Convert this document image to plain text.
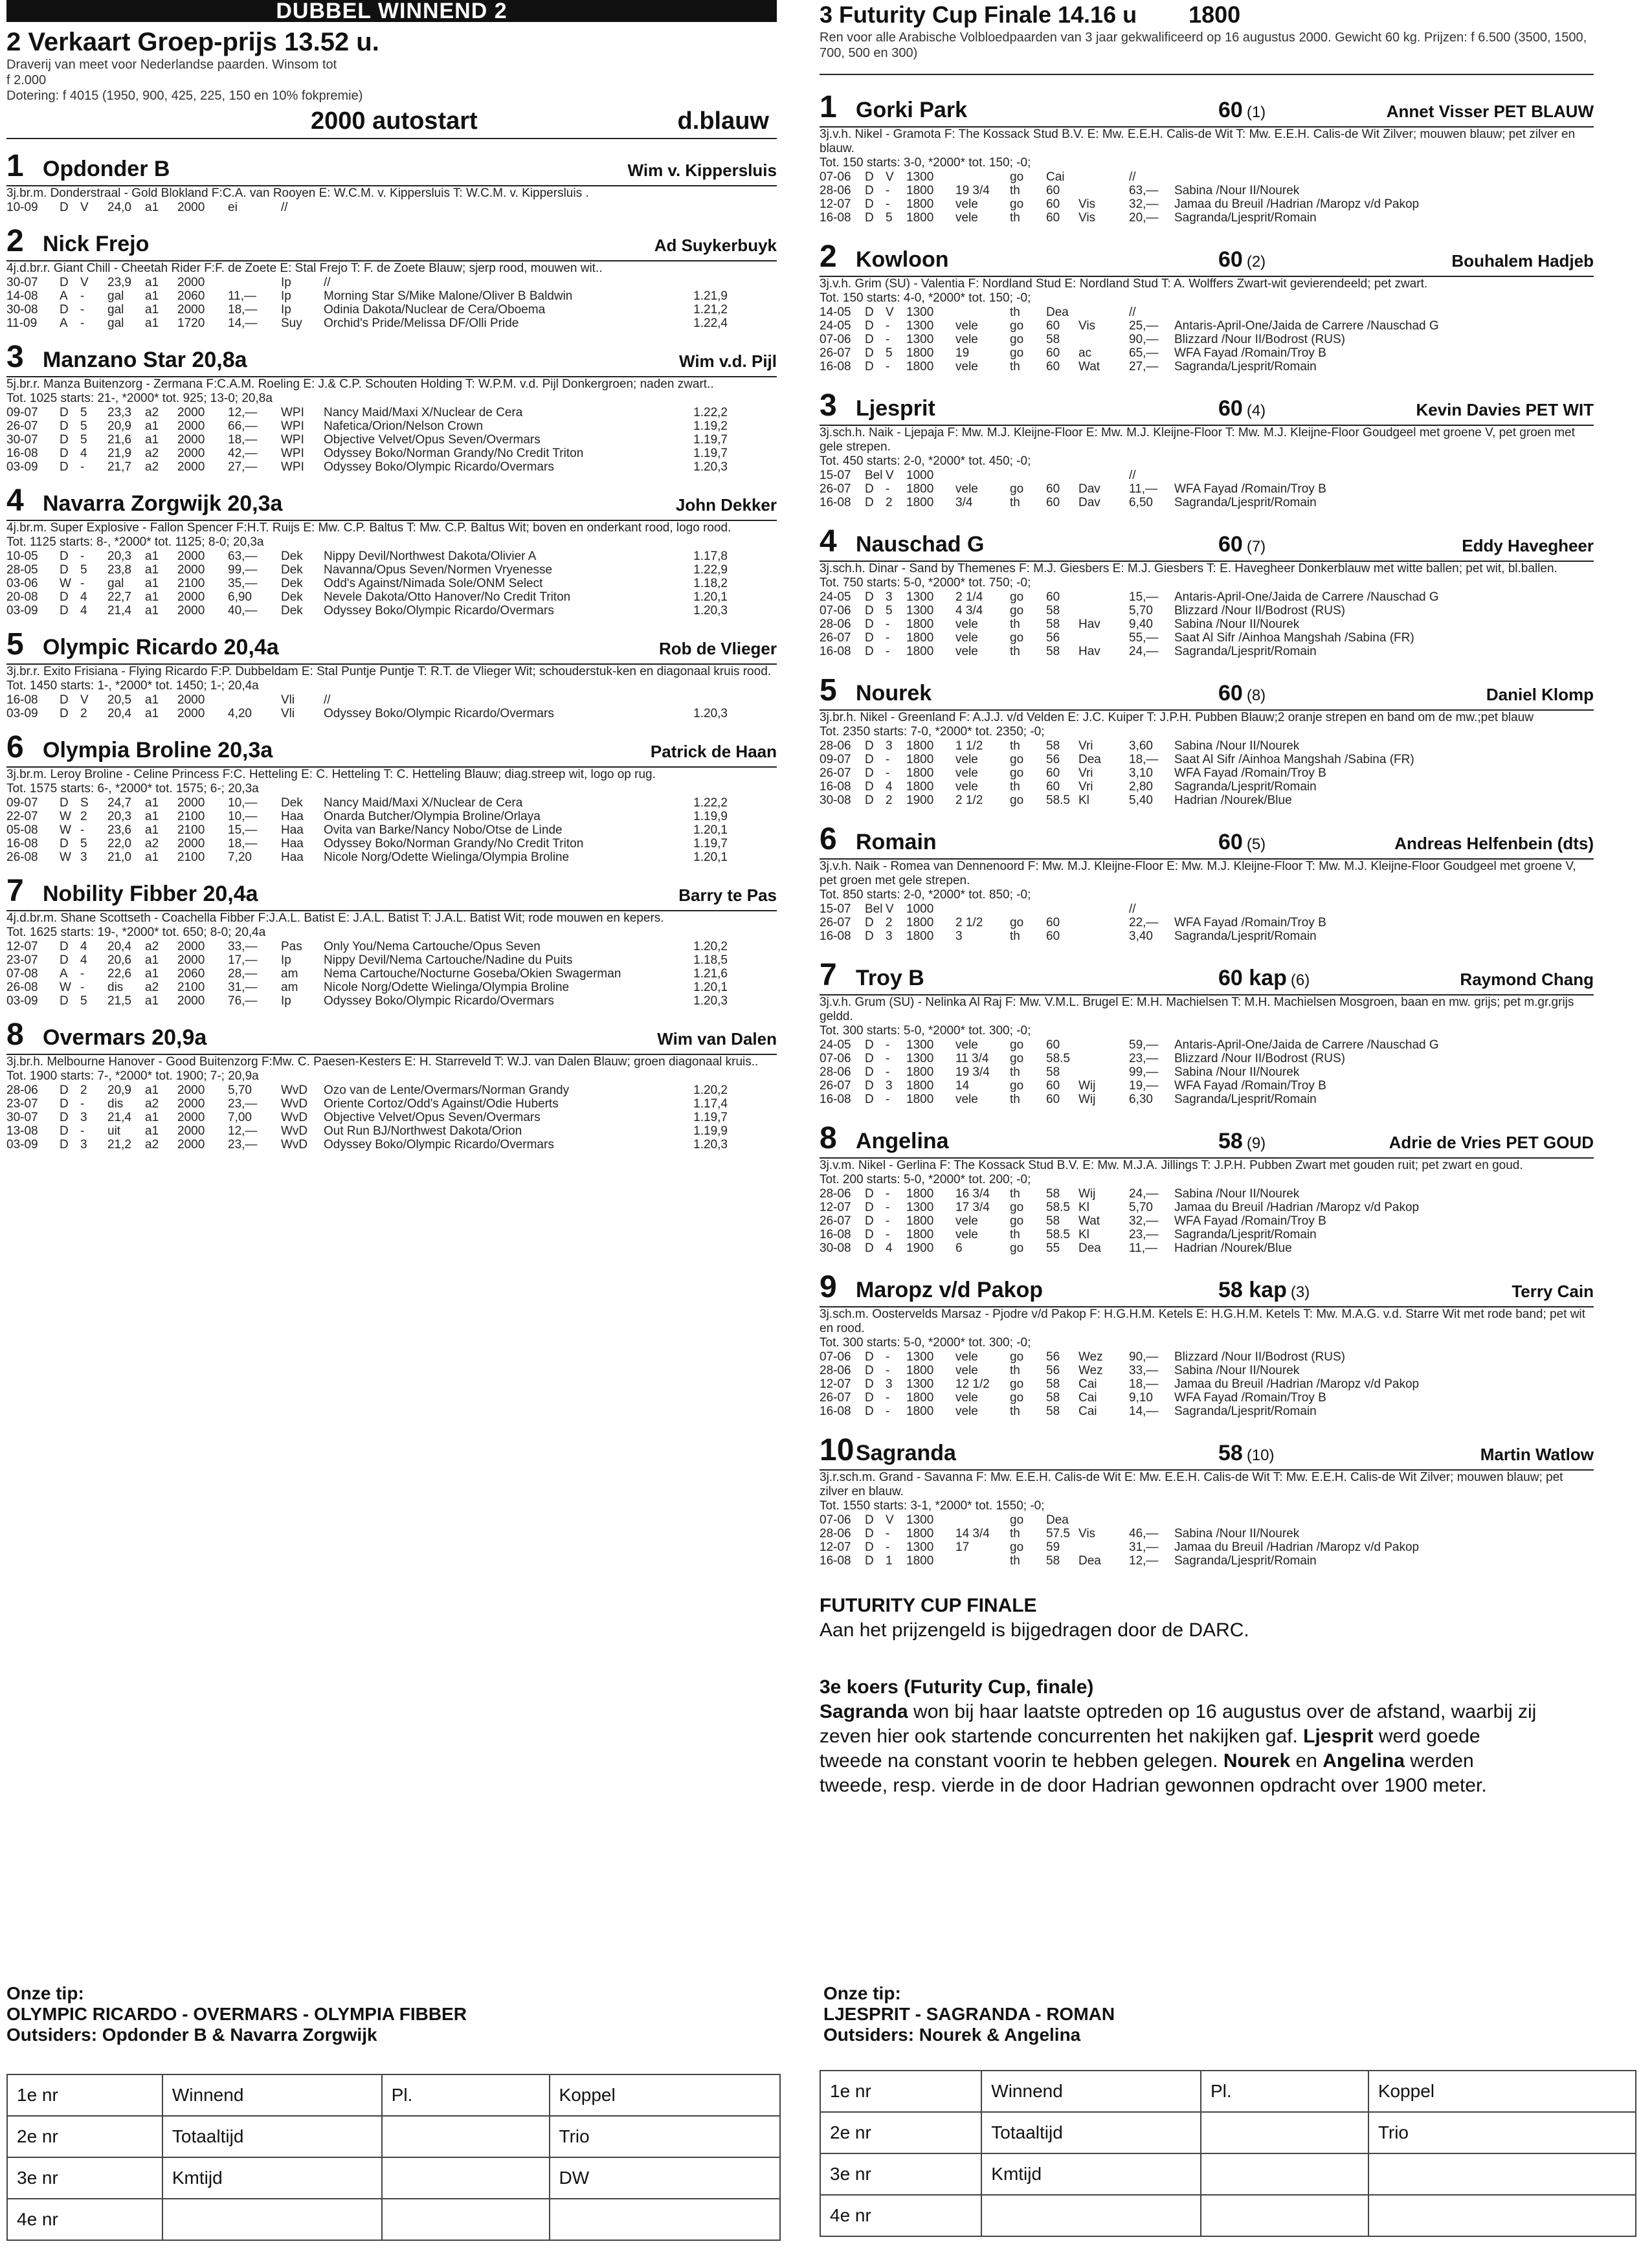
DUBBEL WINNEND 2
2 Verkaart Groep-prijs 13.52 u.
Draverij van meet voor Nederlandse paarden. Winsom tot
f 2.000
Dotering: f 4015 (1950, 900, 425, 225, 150 en 10% fokpremie)
2000 autostart	d.blauw
1 Opdonder B	Wim v. Kippersluis
3j.br.m. Donderstraal - Gold Blokland F:C.A. van Rooyen E: W.C.M. v. Kippersluis T: W.C.M. v. Kippersluis .
10-09	D	V	24,0	a1	2000	ei	//		
2 Nick Frejo	Ad Suykerbuyk
4j.d.br.r. Giant Chill - Cheetah Rider F:F. de Zoete E: Stal Frejo T: F. de Zoete Blauw; sjerp rood, mouwen wit..
30-07	D	V	23,9	a1	2000		Ip	//	
14-08	A	-	gal	a1	2060	11,—	Ip	Morning Star S/Mike Malone/Oliver B Baldwin	1.21,9
30-08	D	-	gal	a1	2000	18,—	Ip	Odinia Dakota/Nuclear de Cera/Oboema	1.21,2
11-09	A	-	gal	a1	1720	14,—	Suy	Orchid's Pride/Melissa DF/Olli Pride	1.22,4
3 Manzano Star 20,8a	Wim v.d. Pijl
5j.br.r. Manza Buitenzorg - Zermana F:C.A.M. Roeling E: J.& C.P. Schouten Holding T: W.P.M. v.d. Pijl Donkergroen; naden zwart..
Tot. 1025 starts: 21-, *2000* tot. 925; 13-0; 20,8a
09-07	D	5	23,3	a2	2000	12,—	WPI	Nancy Maid/Maxi X/Nuclear de Cera	1.22,2
26-07	D	5	20,9	a1	2000	66,—	WPI	Nafetica/Orion/Nelson Crown	1.19,2
30-07	D	5	21,6	a1	2000	18,—	WPI	Objective Velvet/Opus Seven/Overmars	1.19,7
16-08	D	4	21,9	a2	2000	42,—	WPI	Odyssey Boko/Norman Grandy/No Credit Triton	1.19,7
03-09	D	-	21,7	a2	2000	27,—	WPI	Odyssey Boko/Olympic Ricardo/Overmars	1.20,3
4 Navarra Zorgwijk 20,3a	John Dekker
4j.br.m. Super Explosive - Fallon Spencer F:H.T. Ruijs E: Mw. C.P. Baltus T: Mw. C.P. Baltus Wit; boven en onderkant rood, logo rood.
Tot. 1125 starts: 8-, *2000* tot. 1125; 8-0; 20,3a
10-05	D	-	20,3	a1	2000	63,—	Dek	Nippy Devil/Northwest Dakota/Olivier A	1.17,8
28-05	D	5	23,8	a1	2000	99,—	Dek	Navanna/Opus Seven/Normen Vryenesse	1.22,9
03-06	W	-	gal	a1	2100	35,—	Dek	Odd's Against/Nimada Sole/ONM Select	1.18,2
20-08	D	4	22,7	a1	2000	6,90	Dek	Nevele Dakota/Otto Hanover/No Credit Triton	1.20,1
03-09	D	4	21,4	a1	2000	40,—	Dek	Odyssey Boko/Olympic Ricardo/Overmars	1.20,3
5 Olympic Ricardo 20,4a	Rob de Vlieger
3j.br.r. Exito Frisiana - Flying Ricardo F:P. Dubbeldam E: Stal Puntje Puntje T: R.T. de Vlieger Wit; schouderstuk-ken en diagonaal kruis rood.
Tot. 1450 starts: 1-, *2000* tot. 1450; 1-; 20,4a
16-08	D	V	20,5	a1	2000		Vli	//	
03-09	D	2	20,4	a1	2000	4,20	Vli	Odyssey Boko/Olympic Ricardo/Overmars	1.20,3
6 Olympia Broline 20,3a	Patrick de Haan
3j.br.m. Leroy Broline - Celine Princess F:C. Hetteling E: C. Hetteling T: C. Hetteling Blauw; diag.streep wit, logo op rug.
Tot. 1575 starts: 6-, *2000* tot. 1575; 6-; 20,3a
09-07	D	S	24,7	a1	2000	10,—	Dek	Nancy Maid/Maxi X/Nuclear de Cera	1.22,2
22-07	W	2	20,3	a1	2100	10,—	Haa	Onarda Butcher/Olympia Broline/Orlaya	1.19,9
05-08	W	-	23,6	a1	2100	15,—	Haa	Ovita van Barke/Nancy Nobo/Otse de Linde	1.20,1
16-08	D	5	22,0	a2	2000	18,—	Haa	Odyssey Boko/Norman Grandy/No Credit Triton	1.19,7
26-08	W	3	21,0	a1	2100	7,20	Haa	Nicole Norg/Odette Wielinga/Olympia Broline	1.20,1
7 Nobility Fibber 20,4a	Barry te Pas
4j.d.br.m. Shane Scottseth - Coachella Fibber F:J.A.L. Batist E: J.A.L. Batist T: J.A.L. Batist Wit; rode mouwen en kepers.
Tot. 1625 starts: 19-, *2000* tot. 650; 8-0; 20,4a
12-07	D	4	20,4	a2	2000	33,—	Pas	Only You/Nema Cartouche/Opus Seven	1.20,2
23-07	D	4	20,6	a1	2000	17,—	Ip	Nippy Devil/Nema Cartouche/Nadine du Puits	1.18,5
07-08	A	-	22,6	a1	2060	28,—	am	Nema Cartouche/Nocturne Goseba/Okien Swagerman	1.21,6
26-08	W	-	dis	a2	2100	31,—	am	Nicole Norg/Odette Wielinga/Olympia Broline	1.20,1
03-09	D	5	21,5	a1	2000	76,—	Ip	Odyssey Boko/Olympic Ricardo/Overmars	1.20,3
8 Overmars 20,9a	Wim van Dalen
3j.br.h. Melbourne Hanover - Good Buitenzorg F:Mw. C. Paesen-Kesters E: H. Starreveld T: W.J. van Dalen Blauw; groen diagonaal kruis..
Tot. 1900 starts: 7-, *2000* tot. 1900; 7-; 20,9a
28-06	D	2	20,9	a1	2000	5,70	WvD	Ozo van de Lente/Overmars/Norman Grandy	1.20,2
23-07	D	-	dis	a2	2000	23,—	WvD	Oriente Cortoz/Odd's Against/Odie Huberts	1.17,4
30-07	D	3	21,4	a1	2000	7,00	WvD	Objective Velvet/Opus Seven/Overmars	1.19,7
13-08	D	-	uit	a1	2000	12,—	WvD	Out Run BJ/Northwest Dakota/Orion	1.19,9
03-09	D	3	21,2	a2	2000	23,—	WvD	Odyssey Boko/Olympic Ricardo/Overmars	1.20,3
3 Futurity Cup Finale 14.16 u 1800
Ren voor alle Arabische Volbloedpaarden van 3 jaar gekwalificeerd op 16 augustus 2000. Gewicht 60 kg. Prijzen: f 6.500 (3500, 1500, 700, 500 en 300)
1 Gorki Park	60 (1)	Annet Visser PET BLAUW
3j.v.h. Nikel - Gramota F: The Kossack Stud B.V. E: Mw. E.E.H. Calis-de Wit T: Mw. E.E.H. Calis-de Wit Zilver; mouwen blauw; pet zilver en blauw.
Tot. 150 starts: 3-0, *2000* tot. 150; -0;
07-06	D	V	1300		go	Cai		//	
28-06	D	-	1800	19 3/4	th	60		63,—	Sabina /Nour II/Nourek
12-07	D	-	1800	vele	go	60	Vis	32,—	Jamaa du Breuil /Hadrian /Maropz v/d Pakop
16-08	D	5	1800	vele	th	60	Vis	20,—	Sagranda/Ljesprit/Romain
2 Kowloon	60 (2)	Bouhalem Hadjeb
3j.v.h. Grim (SU) - Valentia F: Nordland Stud E: Nordland Stud T: A. Wolffers Zwart-wit gevierendeeld; pet zwart.
Tot. 150 starts: 4-0, *2000* tot. 150; -0;
14-05	D	V	1300		th	Dea		//	
24-05	D	-	1300	vele	go	60	Vis	25,—	Antaris-April-One/Jaida de Carrere /Nauschad G
07-06	D	-	1300	vele	go	58		90,—	Blizzard /Nour II/Bodrost (RUS)
26-07	D	5	1800	19	go	60	ac	65,—	WFA Fayad /Romain/Troy B
16-08	D	-	1800	vele	th	60	Wat	27,—	Sagranda/Ljesprit/Romain
3 Ljesprit	60 (4)	Kevin Davies PET WIT
3j.sch.h. Naik - Ljepaja F: Mw. M.J. Kleijne-Floor E: Mw. M.J. Kleijne-Floor T: Mw. M.J. Kleijne-Floor Goudgeel met groene V, pet groen met gele strepen.
Tot. 450 starts: 2-0, *2000* tot. 450; -0;
15-07	Bel	V	1000					//	
26-07	D	-	1800	vele	go	60	Dav	11,—	WFA Fayad /Romain/Troy B
16-08	D	2	1800	3/4	th	60	Dav	6,50	Sagranda/Ljesprit/Romain
4 Nauschad G	60 (7)	Eddy Havegheer
3j.sch.h. Dinar - Sand by Themenes F: M.J. Giesbers E: M.J. Giesbers T: E. Havegheer Donkerblauw met witte ballen; pet wit, bl.ballen.
Tot. 750 starts: 5-0, *2000* tot. 750; -0;
24-05	D	3	1300	2 1/4	go	60		15,—	Antaris-April-One/Jaida de Carrere /Nauschad G
07-06	D	5	1300	4 3/4	go	58		5,70	Blizzard /Nour II/Bodrost (RUS)
28-06	D	-	1800	vele	th	58	Hav	9,40	Sabina /Nour II/Nourek
26-07	D	-	1800	vele	go	56		55,—	Saat Al Sifr /Ainhoa Mangshah /Sabina (FR)
16-08	D	-	1800	vele	th	58	Hav	24,—	Sagranda/Ljesprit/Romain
5 Nourek	60 (8)	Daniel Klomp
3j.br.h. Nikel - Greenland F: A.J.J. v/d Velden E: J.C. Kuiper T: J.P.H. Pubben Blauw;2 oranje strepen en band om de mw.;pet blauw
Tot. 2350 starts: 7-0, *2000* tot. 2350; -0;
28-06	D	3	1800	1 1/2	th	58	Vri	3,60	Sabina /Nour II/Nourek
09-07	D	-	1800	vele	go	56	Dea	18,—	Saat Al Sifr /Ainhoa Mangshah /Sabina (FR)
26-07	D	-	1800	vele	go	60	Vri	3,10	WFA Fayad /Romain/Troy B
16-08	D	4	1800	vele	th	60	Vri	2,80	Sagranda/Ljesprit/Romain
30-08	D	2	1900	2 1/2	go	58.5	Kl	5,40	Hadrian /Nourek/Blue
6 Romain	60 (5)	Andreas Helfenbein (dts)
3j.v.h. Naik - Romea van Dennenoord F: Mw. M.J. Kleijne-Floor E: Mw. M.J. Kleijne-Floor T: Mw. M.J. Kleijne-Floor Goudgeel met groene V, pet groen met gele strepen.
Tot. 850 starts: 2-0, *2000* tot. 850; -0;
15-07	Bel	V	1000					//	
26-07	D	2	1800	2 1/2	go	60		22,—	WFA Fayad /Romain/Troy B
16-08	D	3	1800	3	th	60		3,40	Sagranda/Ljesprit/Romain
7 Troy B	60 kap (6)	Raymond Chang
3j.v.h. Grum (SU) - Nelinka Al Raj F: Mw. V.M.L. Brugel E: M.H. Machielsen T: M.H. Machielsen Mosgroen, baan en mw. grijs; pet m.gr.grijs geldd.
Tot. 300 starts: 5-0, *2000* tot. 300; -0;
24-05	D	-	1300	vele	go	60		59,—	Antaris-April-One/Jaida de Carrere /Nauschad G
07-06	D	-	1300	11 3/4	go	58.5		23,—	Blizzard /Nour II/Bodrost (RUS)
28-06	D	-	1800	19 3/4	th	58		99,—	Sabina /Nour II/Nourek
26-07	D	3	1800	14	go	60	Wij	19,—	WFA Fayad /Romain/Troy B
16-08	D	-	1800	vele	th	60	Wij	6,30	Sagranda/Ljesprit/Romain
8 Angelina	58 (9)	Adrie de Vries PET GOUD
3j.v.m. Nikel - Gerlina F: The Kossack Stud B.V. E: Mw. M.J.A. Jillings T: J.P.H. Pubben Zwart met gouden ruit; pet zwart en goud.
Tot. 200 starts: 5-0, *2000* tot. 200; -0;
28-06	D	-	1800	16 3/4	th	58	Wij	24,—	Sabina /Nour II/Nourek
12-07	D	-	1300	17 3/4	go	58.5	Kl	5,70	Jamaa du Breuil /Hadrian /Maropz v/d Pakop
26-07	D	-	1800	vele	go	58	Wat	32,—	WFA Fayad /Romain/Troy B
16-08	D	-	1800	vele	th	58.5	Kl	23,—	Sagranda/Ljesprit/Romain
30-08	D	4	1900	6	go	55	Dea	11,—	Hadrian /Nourek/Blue
9 Maropz v/d Pakop	58 kap (3)	Terry Cain
3j.sch.m. Oostervelds Marsaz - Pjodre v/d Pakop F: H.G.H.M. Ketels E: H.G.H.M. Ketels T: Mw. M.A.G. v.d. Starre Wit met rode band; pet wit en rood.
Tot. 300 starts: 5-0, *2000* tot. 300; -0;
07-06	D	-	1300	vele	go	56	Wez	90,—	Blizzard /Nour II/Bodrost (RUS)
28-06	D	-	1800	vele	th	56	Wez	33,—	Sabina /Nour II/Nourek
12-07	D	3	1300	12 1/2	go	58	Cai	18,—	Jamaa du Breuil /Hadrian /Maropz v/d Pakop
26-07	D	-	1800	vele	go	58	Cai	9,10	WFA Fayad /Romain/Troy B
16-08	D	-	1800	vele	th	58	Cai	14,—	Sagranda/Ljesprit/Romain
10 Sagranda	58 (10)	Martin Watlow
3j.r.sch.m. Grand - Savanna F: Mw. E.E.H. Calis-de Wit E: Mw. E.E.H. Calis-de Wit T: Mw. E.E.H. Calis-de Wit Zilver; mouwen blauw; pet zilver en blauw.
Tot. 1550 starts: 3-1, *2000* tot. 1550; -0;
07-06	D	V	1300		go	Dea			
28-06	D	-	1800	14 3/4	th	57.5	Vis	46,—	Sabina /Nour II/Nourek
12-07	D	-	1300	17	go	59		31,—	Jamaa du Breuil /Hadrian /Maropz v/d Pakop
16-08	D	1	1800		th	58	Dea	12,—	Sagranda/Ljesprit/Romain
FUTURITY CUP FINALE
Aan het prijzengeld is bijgedragen door de DARC.
3e koers (Futurity Cup, finale)
Sagranda won bij haar laatste optreden op 16 augustus over de afstand, waarbij zij zeven hier ook startende concurrenten het nakijken gaf. Ljesprit werd goede tweede na constant voorin te hebben gelegen. Nourek en Angelina werden tweede, resp. vierde in de door Hadrian gewonnen opdracht over 1900 meter.
Onze tip:
OLYMPIC RICARDO - OVERMARS - OLYMPIA FIBBER
Outsiders: Opdonder B & Navarra Zorgwijk
Onze tip:
LJESPRIT - SAGRANDA - ROMAN
Outsiders: Nourek & Angelina
1e nr	Winnend	Pl.	Koppel
2e nr	Totaaltijd		Trio
3e nr	Kmtijd		DW
4e nr			
1e nr	Winnend	Pl.	Koppel
2e nr	Totaaltijd		Trio
3e nr	Kmtijd		
4e nr			
